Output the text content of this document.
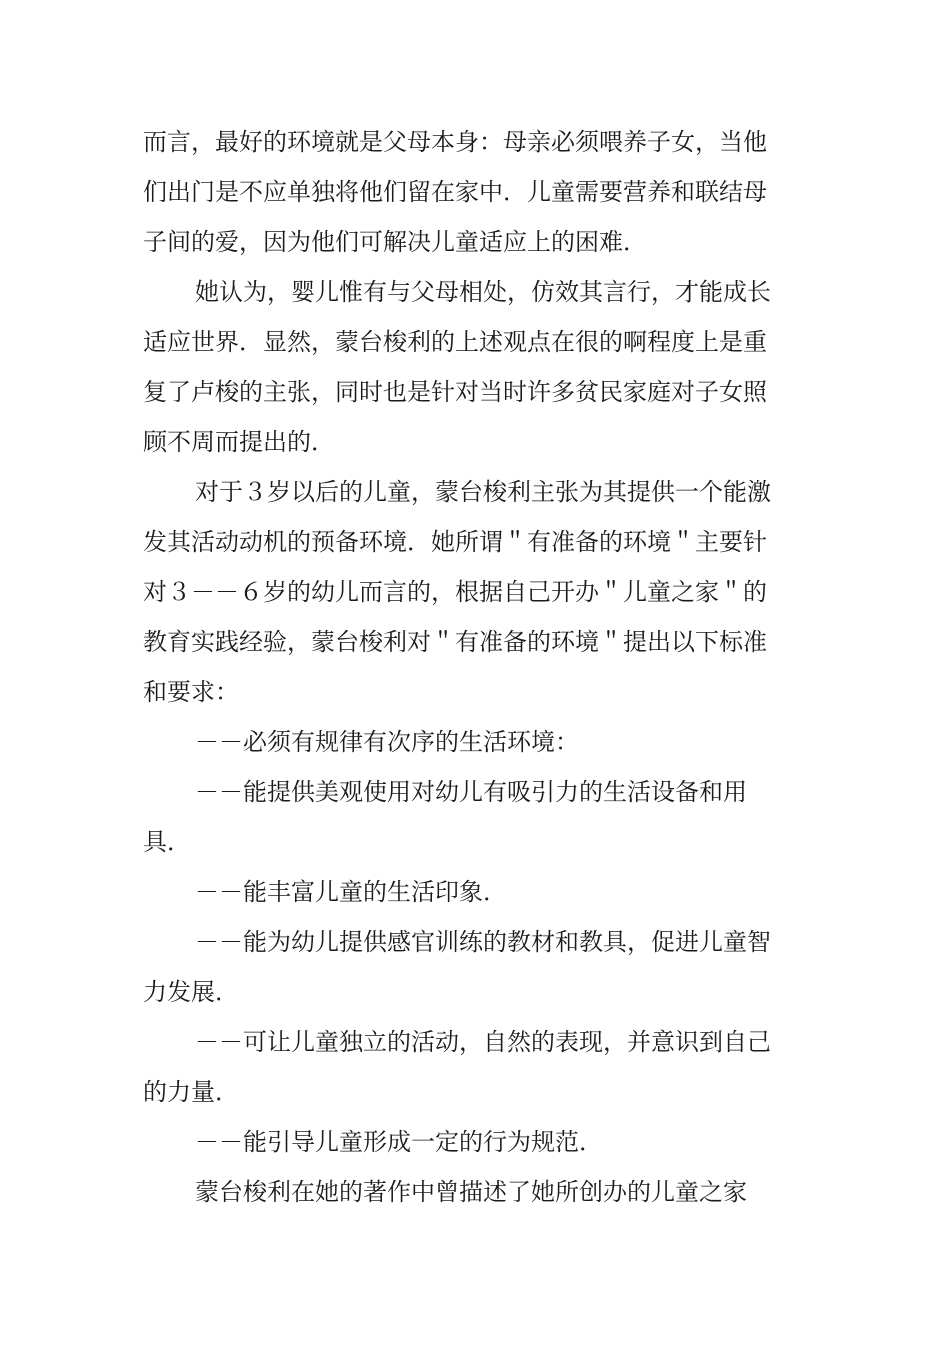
而言，最好的环境就是父母本身：母亲必须喂养子女，当他
们出门是不应单独将他们留在家中．儿童需要营养和联结母
子间的爱，因为他们可解决儿童适应上的困难．
她认为，婴儿惟有与父母相处，仿效其言行，才能成长
适应世界．显然，蒙台梭利的上述观点在很的啊程度上是重
复了卢梭的主张，同时也是针对当时许多贫民家庭对子女照
顾不周而提出的．
对于３岁以后的儿童，蒙台梭利主张为其提供一个能激
发其活动动机的预备环境．她所谓＂有准备的环境＂主要针
对３－－６岁的幼儿而言的，根据自己开办＂儿童之家＂的
教育实践经验，蒙台梭利对＂有准备的环境＂提出以下标准
和要求：
－－必须有规律有次序的生活环境：
－－能提供美观使用对幼儿有吸引力的生活设备和用
具．
－－能丰富儿童的生活印象．
－－能为幼儿提供感官训练的教材和教具，促进儿童智
力发展．
－－可让儿童独立的活动，自然的表现，并意识到自己
的力量．
－－能引导儿童形成一定的行为规范．
蒙台梭利在她的著作中曾描述了她所创办的儿童之家
